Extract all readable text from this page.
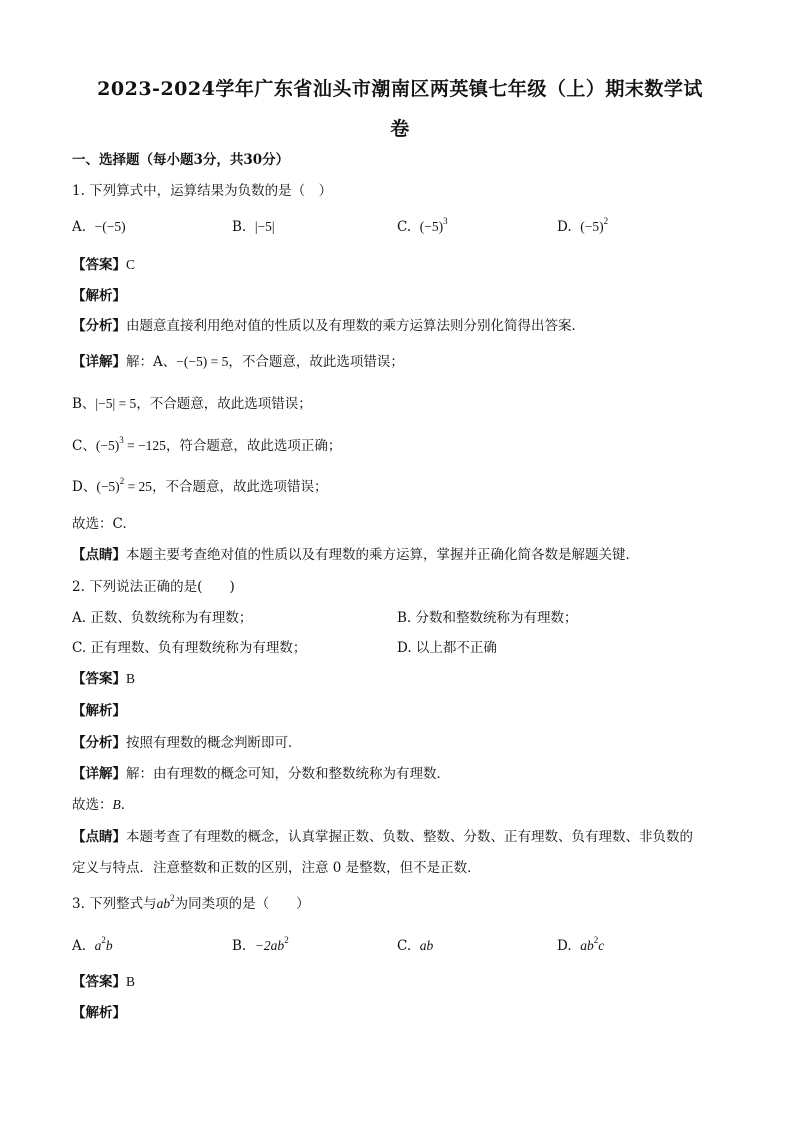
2023-2024学年广东省汕头市潮南区两英镇七年级（上）期末数学试
卷
一、选择题（每小题3分，共30分）
1. 下列算式中，运算结果为负数的是（　）
A. −(−5)	B. |−5|	C. $(-5)^3$	D. $(-5)^2$
【答案】C
【解析】
【分析】由题意直接利用绝对值的性质以及有理数的乘方运算法则分别化简得出答案．
【详解】解：A、−(−5) = 5，不合题意，故此选项错误；
B、|−5| = 5，不合题意，故此选项错误；
C、$(-5)^3 = -125$，符合题意，故此选项正确；
D、$(-5)^2 = 25$，不合题意，故此选项错误；
故选：C.
【点睛】本题主要考查绝对值的性质以及有理数的乘方运算，掌握并正确化简各数是解题关键．
2. 下列说法正确的是(　　)
A. 正数、负数统称为有理数；	B. 分数和整数统称为有理数；
C. 正有理数、负有理数统称为有理数；	D. 以上都不正确
【答案】B
【解析】
【分析】按照有理数的概念判断即可．
【详解】解：由有理数的概念可知，分数和整数统称为有理数．
故选：B．
【点睛】本题考查了有理数的概念，认真掌握正数、负数、整数、分数、正有理数、负有理数、非负数的
定义与特点．注意整数和正数的区别，注意 0 是整数，但不是正数．
3. 下列整式与$ab^2$为同类项的是（　　）
A. $a^2b$	B. $-2ab^2$	C. ab	D. $ab^2c$
【答案】B
【解析】
